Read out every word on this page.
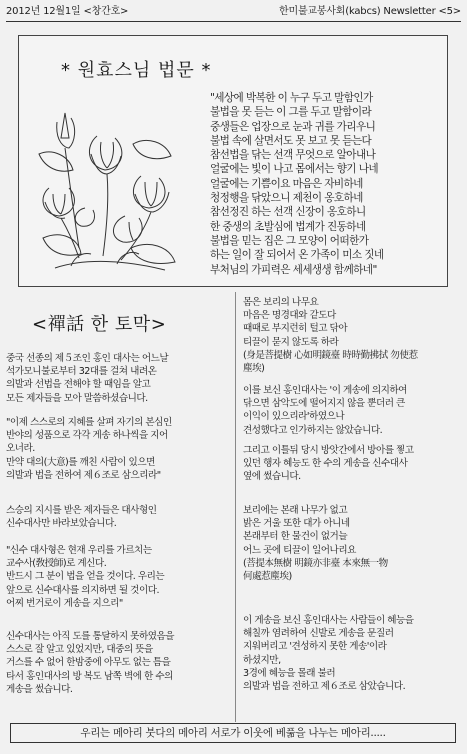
2012년 12월1일 <창간호>	한미불교봉사회(kabcs) Newsletter <5>
* 원효스님 법문 *
"세상에 박복한 이 누구 두고 말함인가
불법을 못 듣는 이 그를 두고 말함이라
중생들은 업장으로 눈과 귀를 가리우니
불법 속에 살면서도 못 보고 못 듣는다
참선법을 닦는 선객 무엇으로 알아내나
얼굴에는 빛이 나고 몸에서는 향기 나네
얼굴에는 기쁨이요 마음은 자비하네
청정행을 닦았으니 제천이 옹호하네
참선정진 하는 선객 신장이 옹호하니
한 중생의 초발심에 법계가 진동하네
불법을 믿는 집은 그 모양이 어떠한가
하는 일이 잘 되어서 온 가족이 미소 짓네
부처님의 가피력은 세세생생 함께하네"
<禪話 한 토막>
중국 선종의 제５조인 홍인 대사는 어느날
석가모니불로부터 32대를 걸쳐 내려온
의발과 선법을 전해야 할 때임을 알고
모든 제자들을 모아 말씀하셨습니다.
"이제 스스로의 지혜를 살펴 자기의 본심인
반야의 성품으로 각각 게송 하나씩을 지어
오너라.
만약 대의(大意)를 깨친 사람이 있으면
의발과 법을 전하여 제６조로 삼으리라"
스승의 지시를 받은 제자들은 대사형인
신수대사만 바라보았습니다.
"신수 대사형은 현재 우리를 가르치는
교수사(敎授師)로 계신다.
반드시 그 분이 법을 얻을 것이다. 우리는
앞으로 신수대사를 의지하면 될 것이다.
어찌 번거로이 게송을 지으리"
신수대사는 아직 도를 통달하지 못하였음을
스스로 잘 알고 있었지만, 대중의 뜻을
거스를 수 없어 한밤중에 아무도 없는 틈을
타서 홍인대사의 방 복도 남쪽 벽에 한 수의
게송을 썼습니다.
몸은 보리의 나무요
마음은 명경대와 같도다
때때로 부지런히 털고 닦아
티끌이 묻지 않도록 하라
(身是菩提樹 心如明鏡臺 時時勤拂拭 勿使惹
塵埃)
이를 보신 홍인대사는 '이 게송에 의지하여
닦으면 삼악도에 떨어지지 않을 뿐더러 큰
이익이 있으리라'하였으나
견성했다고 인가하지는 않았습니다.
그리고 이틀뒤 당시 방앗간에서 방아를 찧고
있던 행자 혜능도 한 수의 게송을 신수대사
옆에 썼습니다.
보리에는 본래 나무가 없고
밝은 거울 또한 대가 아니네
본래부터 한 물건이 없거늘
어느 곳에 티끌이 일어나리요
(菩提本無樹 明鏡亦非臺 本來無一物
何處惹塵埃)
이 게송을 보신 홍인대사는 사람들이 혜능을
해칠까 염려하여 신발로 게송을 문질러
지워버리고 '견성하지 못한 게송'이라
하셨지만,
3경에 혜능을 몰래 불러
의발과 법을 전하고 제６조로 삼았습니다.
우리는 메아리 붓다의 메아리 서로가 이웃에 베풂을 나누는 메아리.....
